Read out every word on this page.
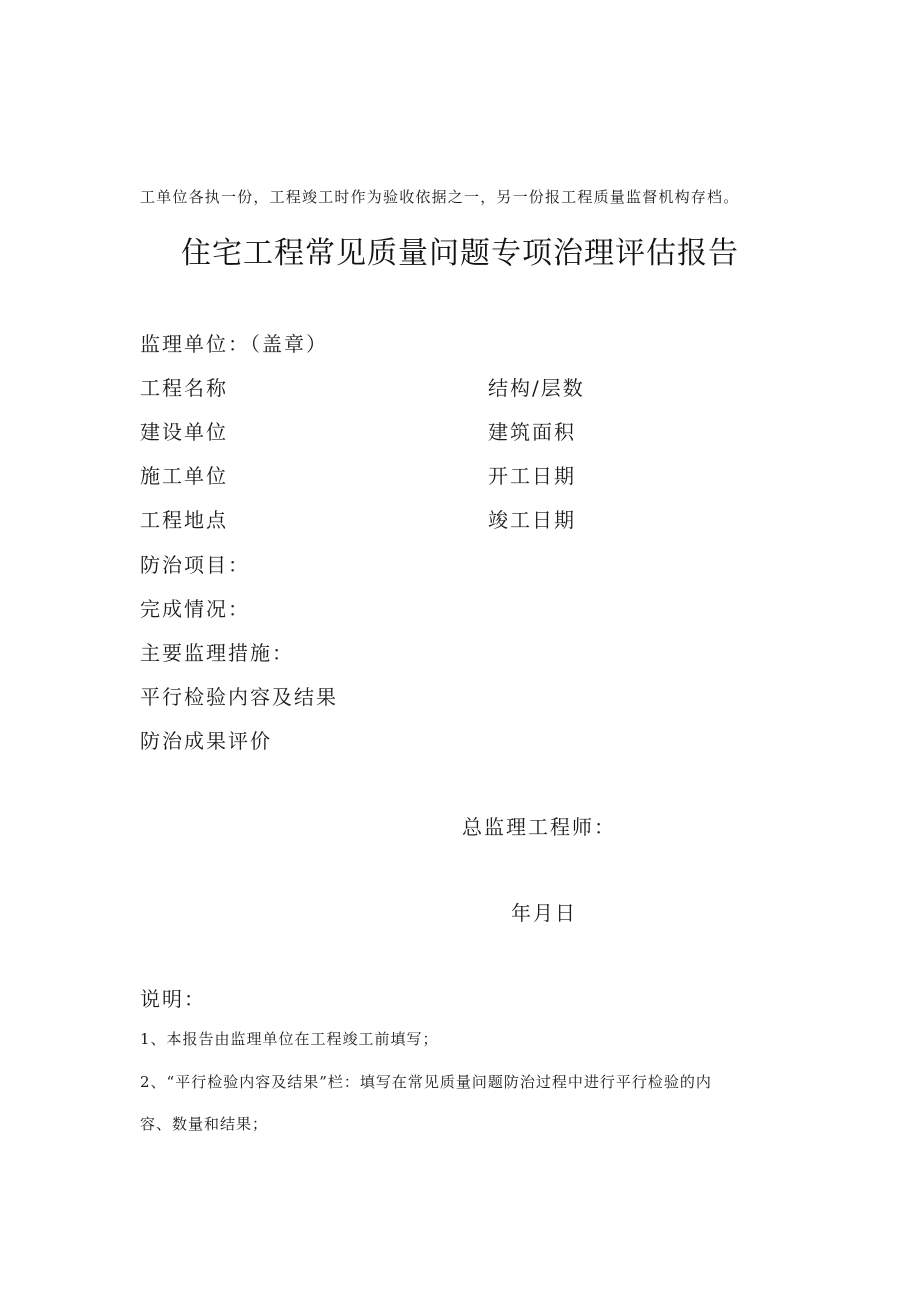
工单位各执一份，工程竣工时作为验收依据之一，另一份报工程质量监督机构存档。
住宅工程常见质量问题专项治理评估报告
监理单位：（盖章）
工程名称	结构/层数
建设单位	建筑面积
施工单位	开工日期
工程地点	竣工日期
防治项目：
完成情况：
主要监理措施：
平行检验内容及结果
防治成果评价
总监理工程师：
年月日
说明：
1、本报告由监理单位在工程竣工前填写；
2、“平行检验内容及结果”栏：填写在常见质量问题防治过程中进行平行检验的内
容、数量和结果；
